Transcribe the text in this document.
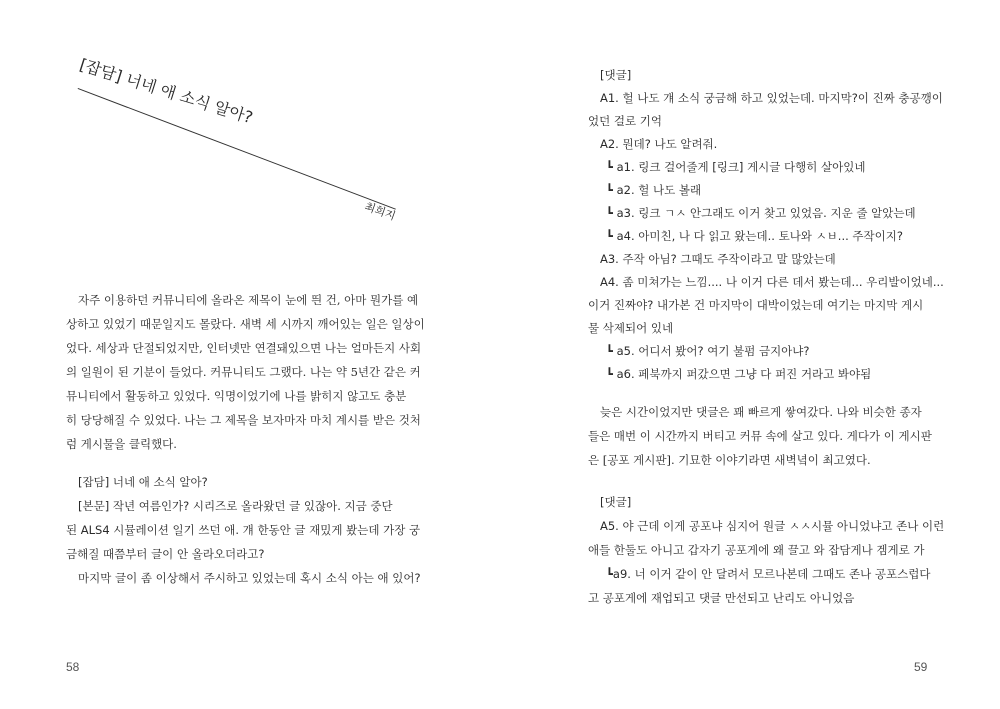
[잡담] 너네 애 소식 알아?
최희지
자주 이용하던 커뮤니티에 올라온 제목이 눈에 띈 건, 아마 뭔가를 예
상하고 있었기 때문일지도 몰랐다. 새벽 세 시까지 깨어있는 일은 일상이
었다. 세상과 단절되었지만, 인터넷만 연결돼있으면 나는 얼마든지 사회
의 일원이 된 기분이 들었다. 커뮤니티도 그랬다. 나는 약 5년간 같은 커
뮤니티에서 활동하고 있었다. 익명이었기에 나를 밝히지 않고도 충분
히 당당해질 수 있었다. 나는 그 제목을 보자마자 마치 계시를 받은 것처
럼 게시물을 클릭했다.
[잡담] 너네 애 소식 알아?
[본문] 작년 여름인가? 시리즈로 올라왔던 글 있잖아. 지금 중단
된 ALS4 시뮬레이션 일기 쓰던 애. 걔 한동안 글 재밌게 봤는데 가장 궁
금해질 때쯤부터 글이 안 올라오더라고?
마지막 글이 좀 이상해서 주시하고 있었는데 혹시 소식 아는 애 있어?
58
[댓글]
A1. 헐 나도 걔 소식 궁금해 하고 있었는데. 마지막?이 진짜 충공깽이
었던 걸로 기억
A2. 뭔데? 나도 알려줘.
┗ a1. 링크 걸어줄게 [링크] 게시글 다행히 살아있네
┗ a2. 헐 나도 볼래
┗ a3. 링크 ㄱㅅ 안그래도 이거 찾고 있었음. 지운 줄 알았는데
┗ a4. 아미친, 나 다 읽고 왔는데.. 토나와 ㅅㅂ... 주작이지?
A3. 주작 아님? 그때도 주작이라고 말 많았는데
A4. 좀 미쳐가는 느낌.... 나 이거 다른 데서 봤는데... 우리발이었네...
이거 진짜야? 내가본 건 마지막이 대박이었는데 여기는 마지막 게시
물 삭제되어 있네
┗ a5. 어디서 봤어? 여기 불펌 금지아냐?
┗ a6. 페북까지 퍼갔으면 그냥 다 퍼진 거라고 봐야됨
늦은 시간이었지만 댓글은 꽤 빠르게 쌓여갔다. 나와 비슷한 종자
들은 매번 이 시간까지 버티고 커뮤 속에 살고 있다. 게다가 이 게시판
은 [공포 게시판]. 기묘한 이야기라면 새벽녘이 최고였다.
[댓글]
A5. 야 근데 이게 공포냐 심지어 원글 ㅅㅅ시뮬 아니었냐고 존나 이런
애들 한둘도 아니고 갑자기 공포게에 왜 끌고 와 잡담게나 겜게로 가
┗a9. 너 이거 같이 안 달려서 모르나본데 그때도 존나 공포스럽다
고 공포게에 재업되고 댓글 만선되고 난리도 아니었음
59
